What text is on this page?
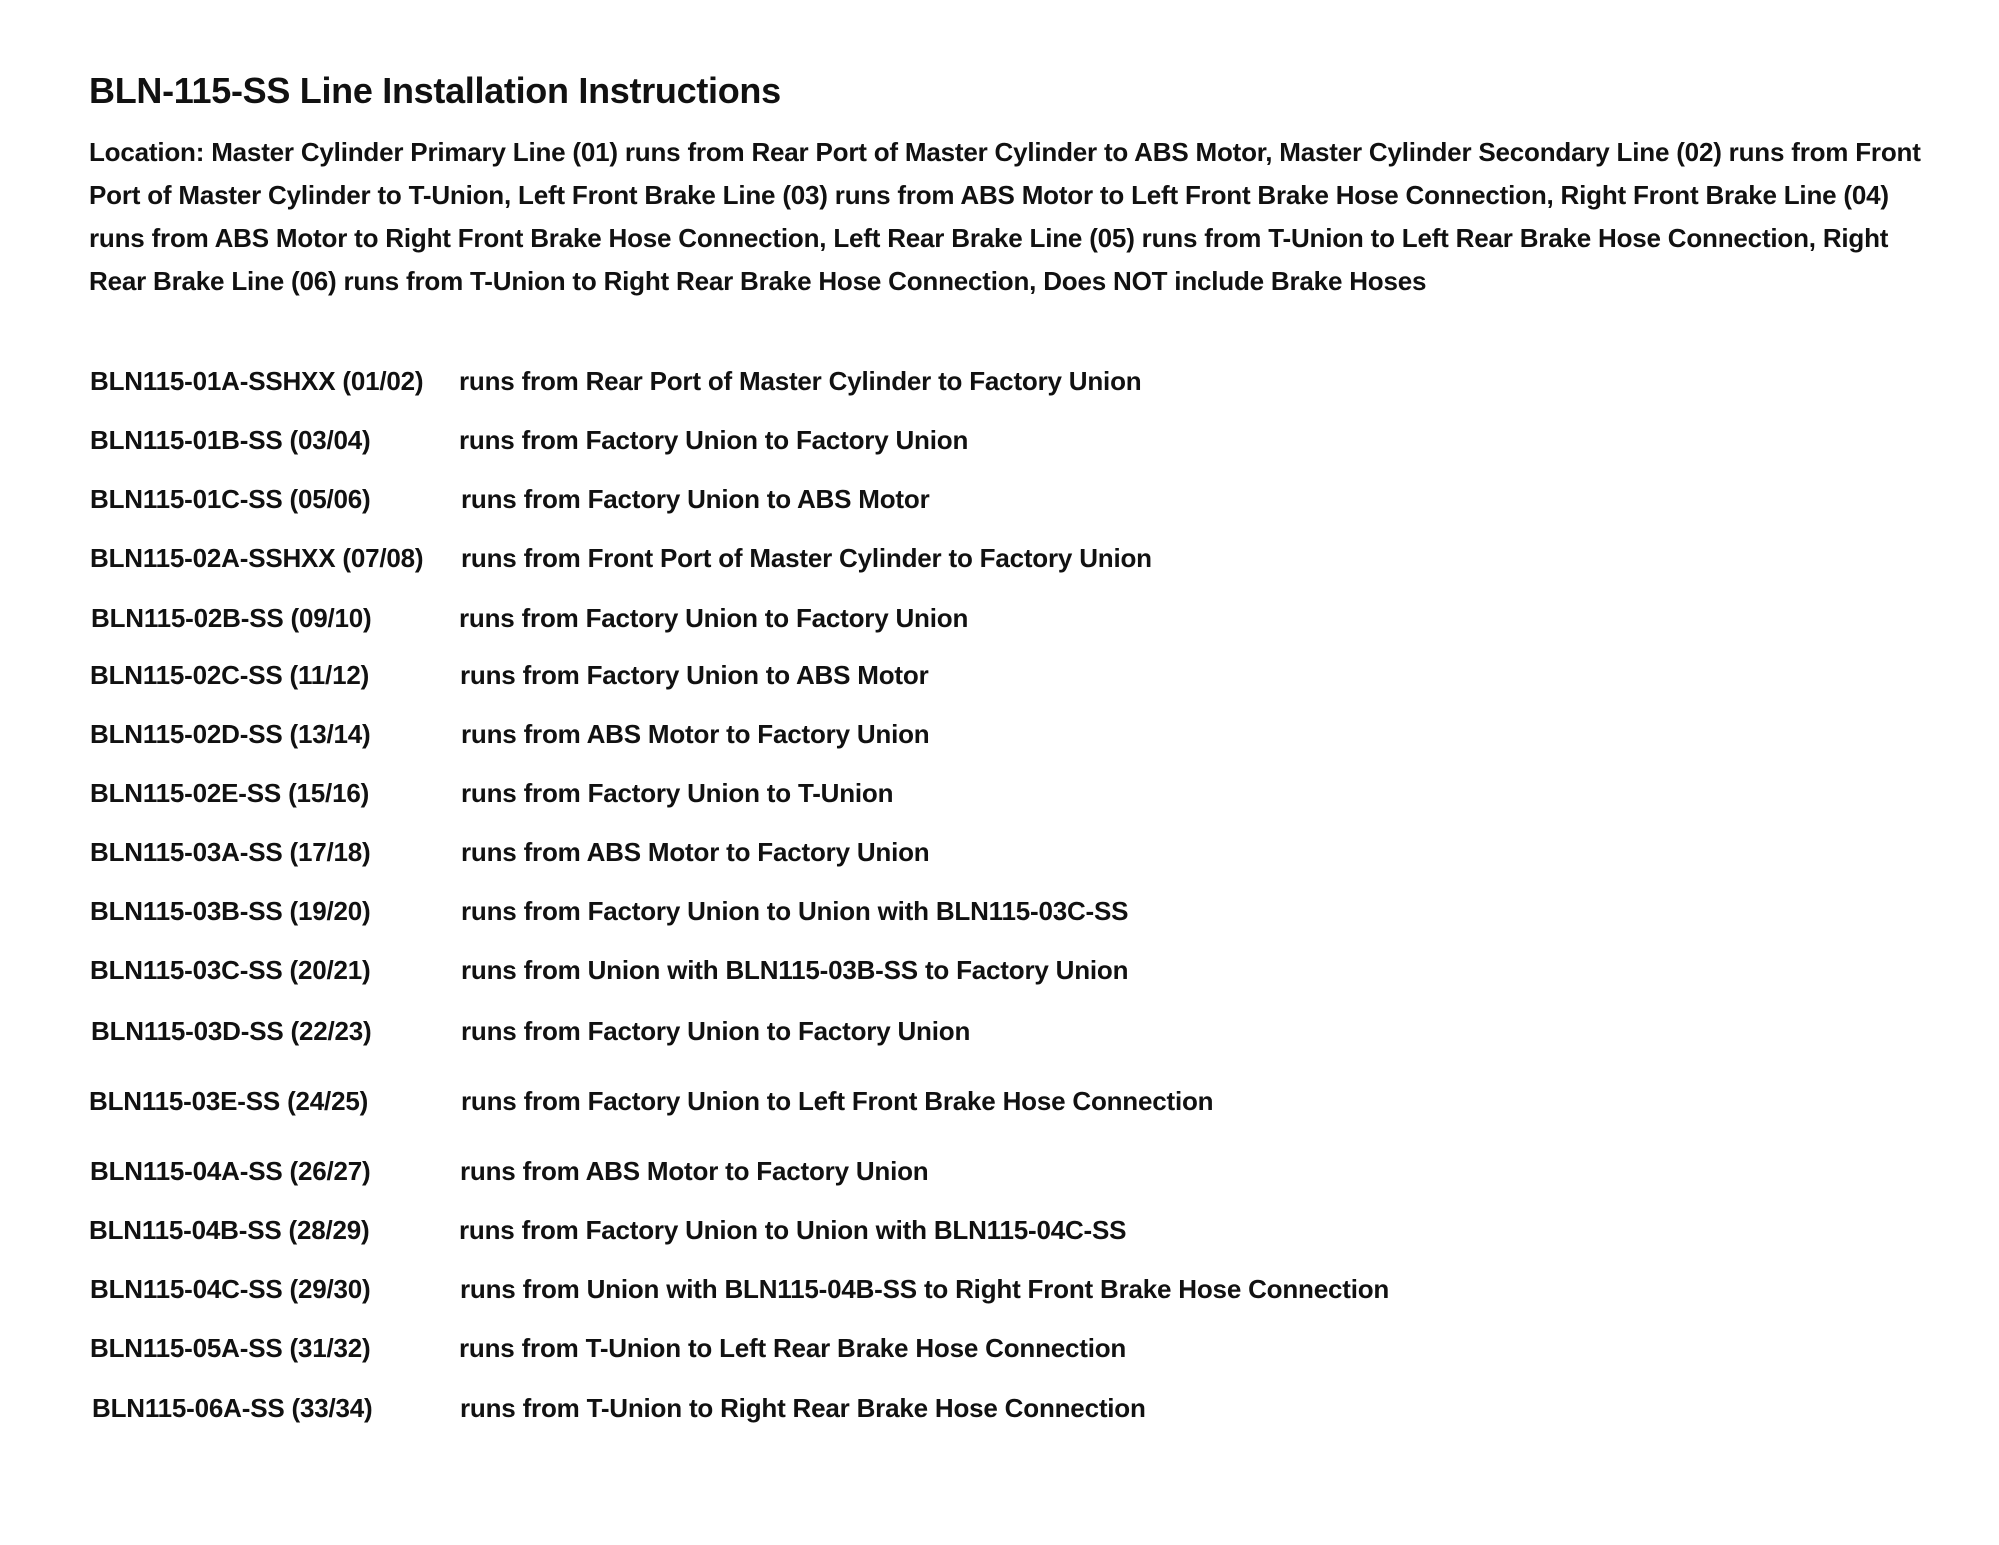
BLN-115-SS Line Installation Instructions

Location: Master Cylinder Primary Line (01) runs from Rear Port of Master Cylinder to ABS Motor, Master Cylinder Secondary Line (02) runs from Front Port of Master Cylinder to T-Union, Left Front Brake Line (03) runs from ABS Motor to Left Front Brake Hose Connection, Right Front Brake Line (04) runs from ABS Motor to Right Front Brake Hose Connection, Left Rear Brake Line (05) runs from T-Union to Left Rear Brake Hose Connection, Right Rear Brake Line (06) runs from T-Union to Right Rear Brake Hose Connection, Does NOT include Brake Hoses

BLN115-01A-SSHXX (01/02) runs from Rear Port of Master Cylinder to Factory Union
BLN115-01B-SS (03/04)	runs from Factory Union to Factory Union
BLN115-01C-SS (05/06)	runs from Factory Union to ABS Motor
BLN115-02A-SSHXX (07/08) runs from Front Port of Master Cylinder to Factory Union
BLN115-02B-SS (09/10)	runs from Factory Union to Factory Union
BLN115-02C-SS (11/12)	runs from Factory Union to ABS Motor
BLN115-02D-SS (13/14)	runs from ABS Motor to Factory Union
BLN115-02E-SS (15/16)	runs from Factory Union to T-Union
BLN115-03A-SS (17/18)	runs from ABS Motor to Factory Union
BLN115-03B-SS (19/20)	runs from Factory Union to Union with BLN115-03C-SS
BLN115-03C-SS (20/21)	runs from Union with BLN115-03B-SS to Factory Union
BLN115-03D-SS (22/23)	runs from Factory Union to Factory Union
BLN115-03E-SS (24/25)	runs from Factory Union to Left Front Brake Hose Connection
BLN115-04A-SS (26/27)	runs from ABS Motor to Factory Union
BLN115-04B-SS (28/29)	runs from Factory Union to Union with BLN115-04C-SS
BLN115-04C-SS (29/30)	runs from Union with BLN115-04B-SS to Right Front Brake Hose Connection
BLN115-05A-SS (31/32)	runs from T-Union to Left Rear Brake Hose Connection
BLN115-06A-SS (33/34)	runs from T-Union to Right Rear Brake Hose Connection
